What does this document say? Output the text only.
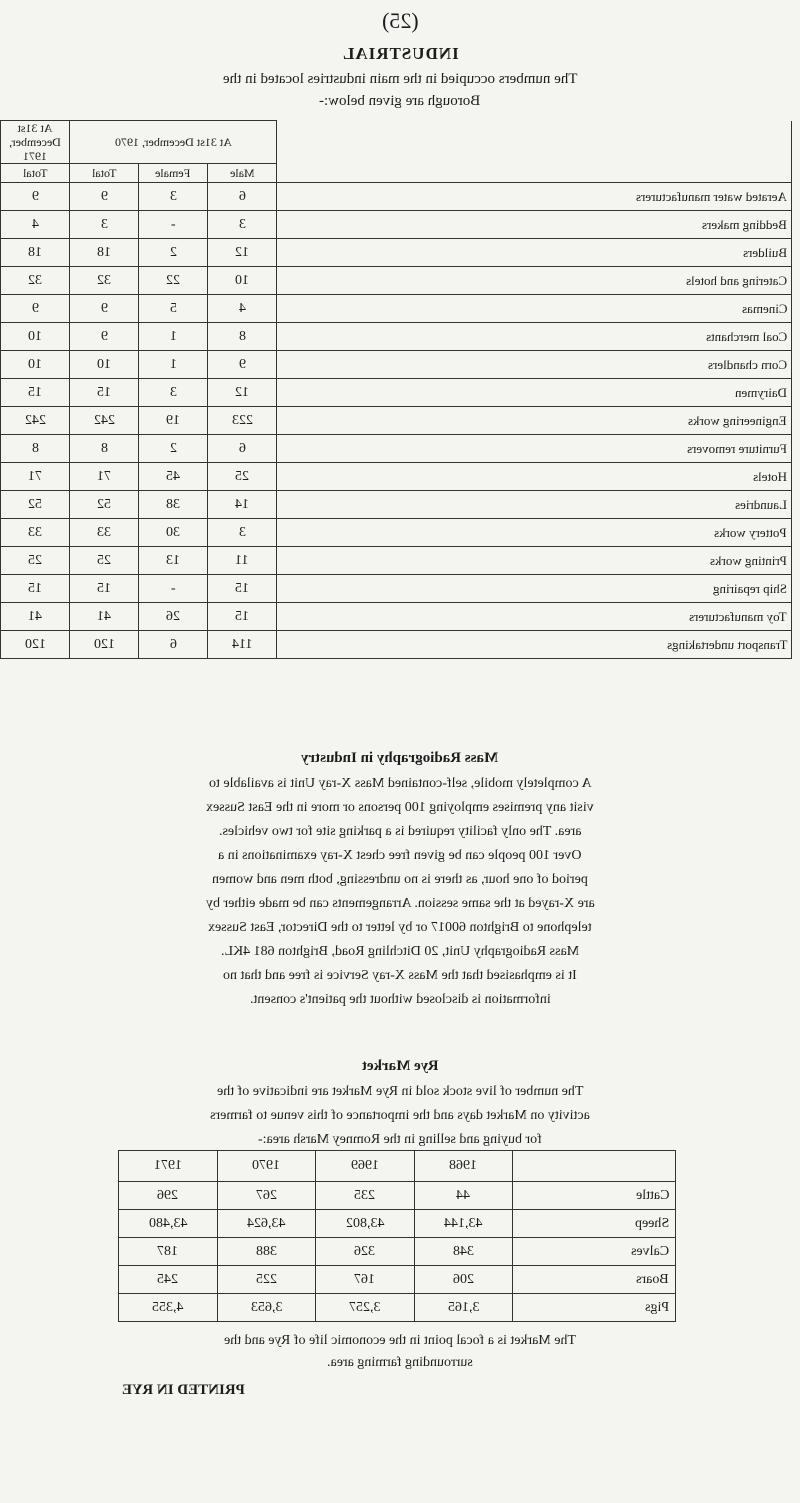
(25)
INDUSTRIAL
The numbers occupied in the main industries located in the
Borough are given below:-
At 31st December, 1971	At 31st December, 1970			
Total	Total	Female	Male	
9	9	3	6	Aerated water manufacturers
4	3	-	3	Bedding makers
18	18	2	12	Builders
32	32	22	10	Catering and hotels
9	9	5	4	Cinemas
10	9	1	8	Coal merchants
10	10	1	9	Corn chandlers
15	15	3	12	Dairymen
242	242	19	223	Engineering works
8	8	2	6	Furniture removers
71	71	45	25	Hotels
52	52	38	14	Laundries
33	33	30	3	Pottery works
25	25	13	11	Printing works
15	15	-	15	Ship repairing
41	41	26	15	Toy manufacturers
120	120	6	114	Transport undertakings
Mass Radiography in Industry
A completely mobile, self-contained Mass X-ray Unit is available to
visit any premises employing 100 persons or more in the East Sussex
area. The only facility required is a parking site for two vehicles.
Over 100 people can be given free chest X-ray examinations in a
period of one hour, as there is no undressing, both men and women
are X-rayed at the same session. Arrangements can be made either by
telephone to Brighton 60017 or by letter to the Director, East Sussex
Mass Radiography Unit, 20 Ditchling Road, Brighton 681 4KL.
It is emphasised that the Mass X-ray Service is free and that no
information is disclosed without the patient's consent.
Rye Market
The number of live stock sold in Rye Market are indicative of the
activity on Market days and the importance of this venue to farmers
for buying and selling in the Romney Marsh area:-
1971	1970	1969	1968	
296	267	235	44	Cattle
43,480	43,624	43,802	43,144	Sheep
187	388	326	348	Calves
245	225	167	206	Boars
4,355	3,653	3,257	3,165	Pigs
The Market is a focal point in the economic life of Rye and the
surrounding farming area.
PRINTED IN RYE
